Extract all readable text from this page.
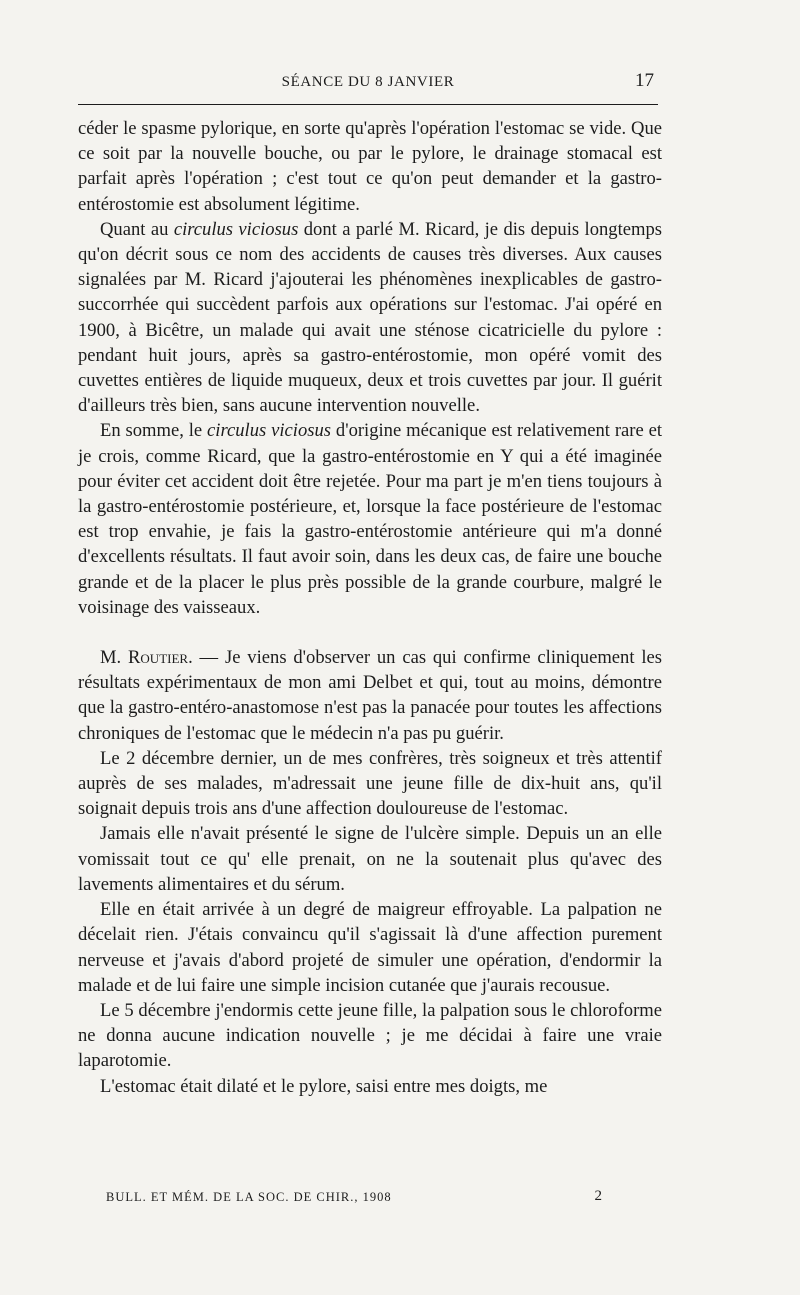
SÉANCE DU 8 JANVIER	17

céder le spasme pylorique, en sorte qu'après l'opération l'estomac se vide. Que ce soit par la nouvelle bouche, ou par le pylore, le drainage stomacal est parfait après l'opération ; c'est tout ce qu'on peut demander et la gastro-entérostomie est absolument légitime.

Quant au circulus viciosus dont a parlé M. Ricard, je dis depuis longtemps qu'on décrit sous ce nom des accidents de causes très diverses. Aux causes signalées par M. Ricard j'ajouterai les phénomènes inexplicables de gastro-succorrhée qui succèdent parfois aux opérations sur l'estomac. J'ai opéré en 1900, à Bicêtre, un malade qui avait une sténose cicatricielle du pylore : pendant huit jours, après sa gastro-entérostomie, mon opéré vomit des cuvettes entières de liquide muqueux, deux et trois cuvettes par jour. Il guérit d'ailleurs très bien, sans aucune intervention nouvelle.

En somme, le circulus viciosus d'origine mécanique est relativement rare et je crois, comme Ricard, que la gastro-entérostomie en Y qui a été imaginée pour éviter cet accident doit être rejetée. Pour ma part je m'en tiens toujours à la gastro-entérostomie postérieure, et, lorsque la face postérieure de l'estomac est trop envahie, je fais la gastro-entérostomie antérieure qui m'a donné d'excellents résultats. Il faut avoir soin, dans les deux cas, de faire une bouche grande et de la placer le plus près possible de la grande courbure, malgré le voisinage des vaisseaux.

M. Routier. — Je viens d'observer un cas qui confirme cliniquement les résultats expérimentaux de mon ami Delbet et qui, tout au moins, démontre que la gastro-entéro-anastomose n'est pas la panacée pour toutes les affections chroniques de l'estomac que le médecin n'a pas pu guérir.

Le 2 décembre dernier, un de mes confrères, très soigneux et très attentif auprès de ses malades, m'adressait une jeune fille de dix-huit ans, qu'il soignait depuis trois ans d'une affection douloureuse de l'estomac.

Jamais elle n'avait présenté le signe de l'ulcère simple. Depuis un an elle vomissait tout ce qu' elle prenait, on ne la soutenait plus qu'avec des lavements alimentaires et du sérum.

Elle en était arrivée à un degré de maigreur effroyable. La palpation ne décelait rien. J'étais convaincu qu'il s'agissait là d'une affection purement nerveuse et j'avais d'abord projeté de simuler une opération, d'endormir la malade et de lui faire une simple incision cutanée que j'aurais recousue.

Le 5 décembre j'endormis cette jeune fille, la palpation sous le chloroforme ne donna aucune indication nouvelle ; je me décidai à faire une vraie laparotomie.

L'estomac était dilaté et le pylore, saisi entre mes doigts, me

BULL. ET MÉM. DE LA SOC. DE CHIR., 1908	2
